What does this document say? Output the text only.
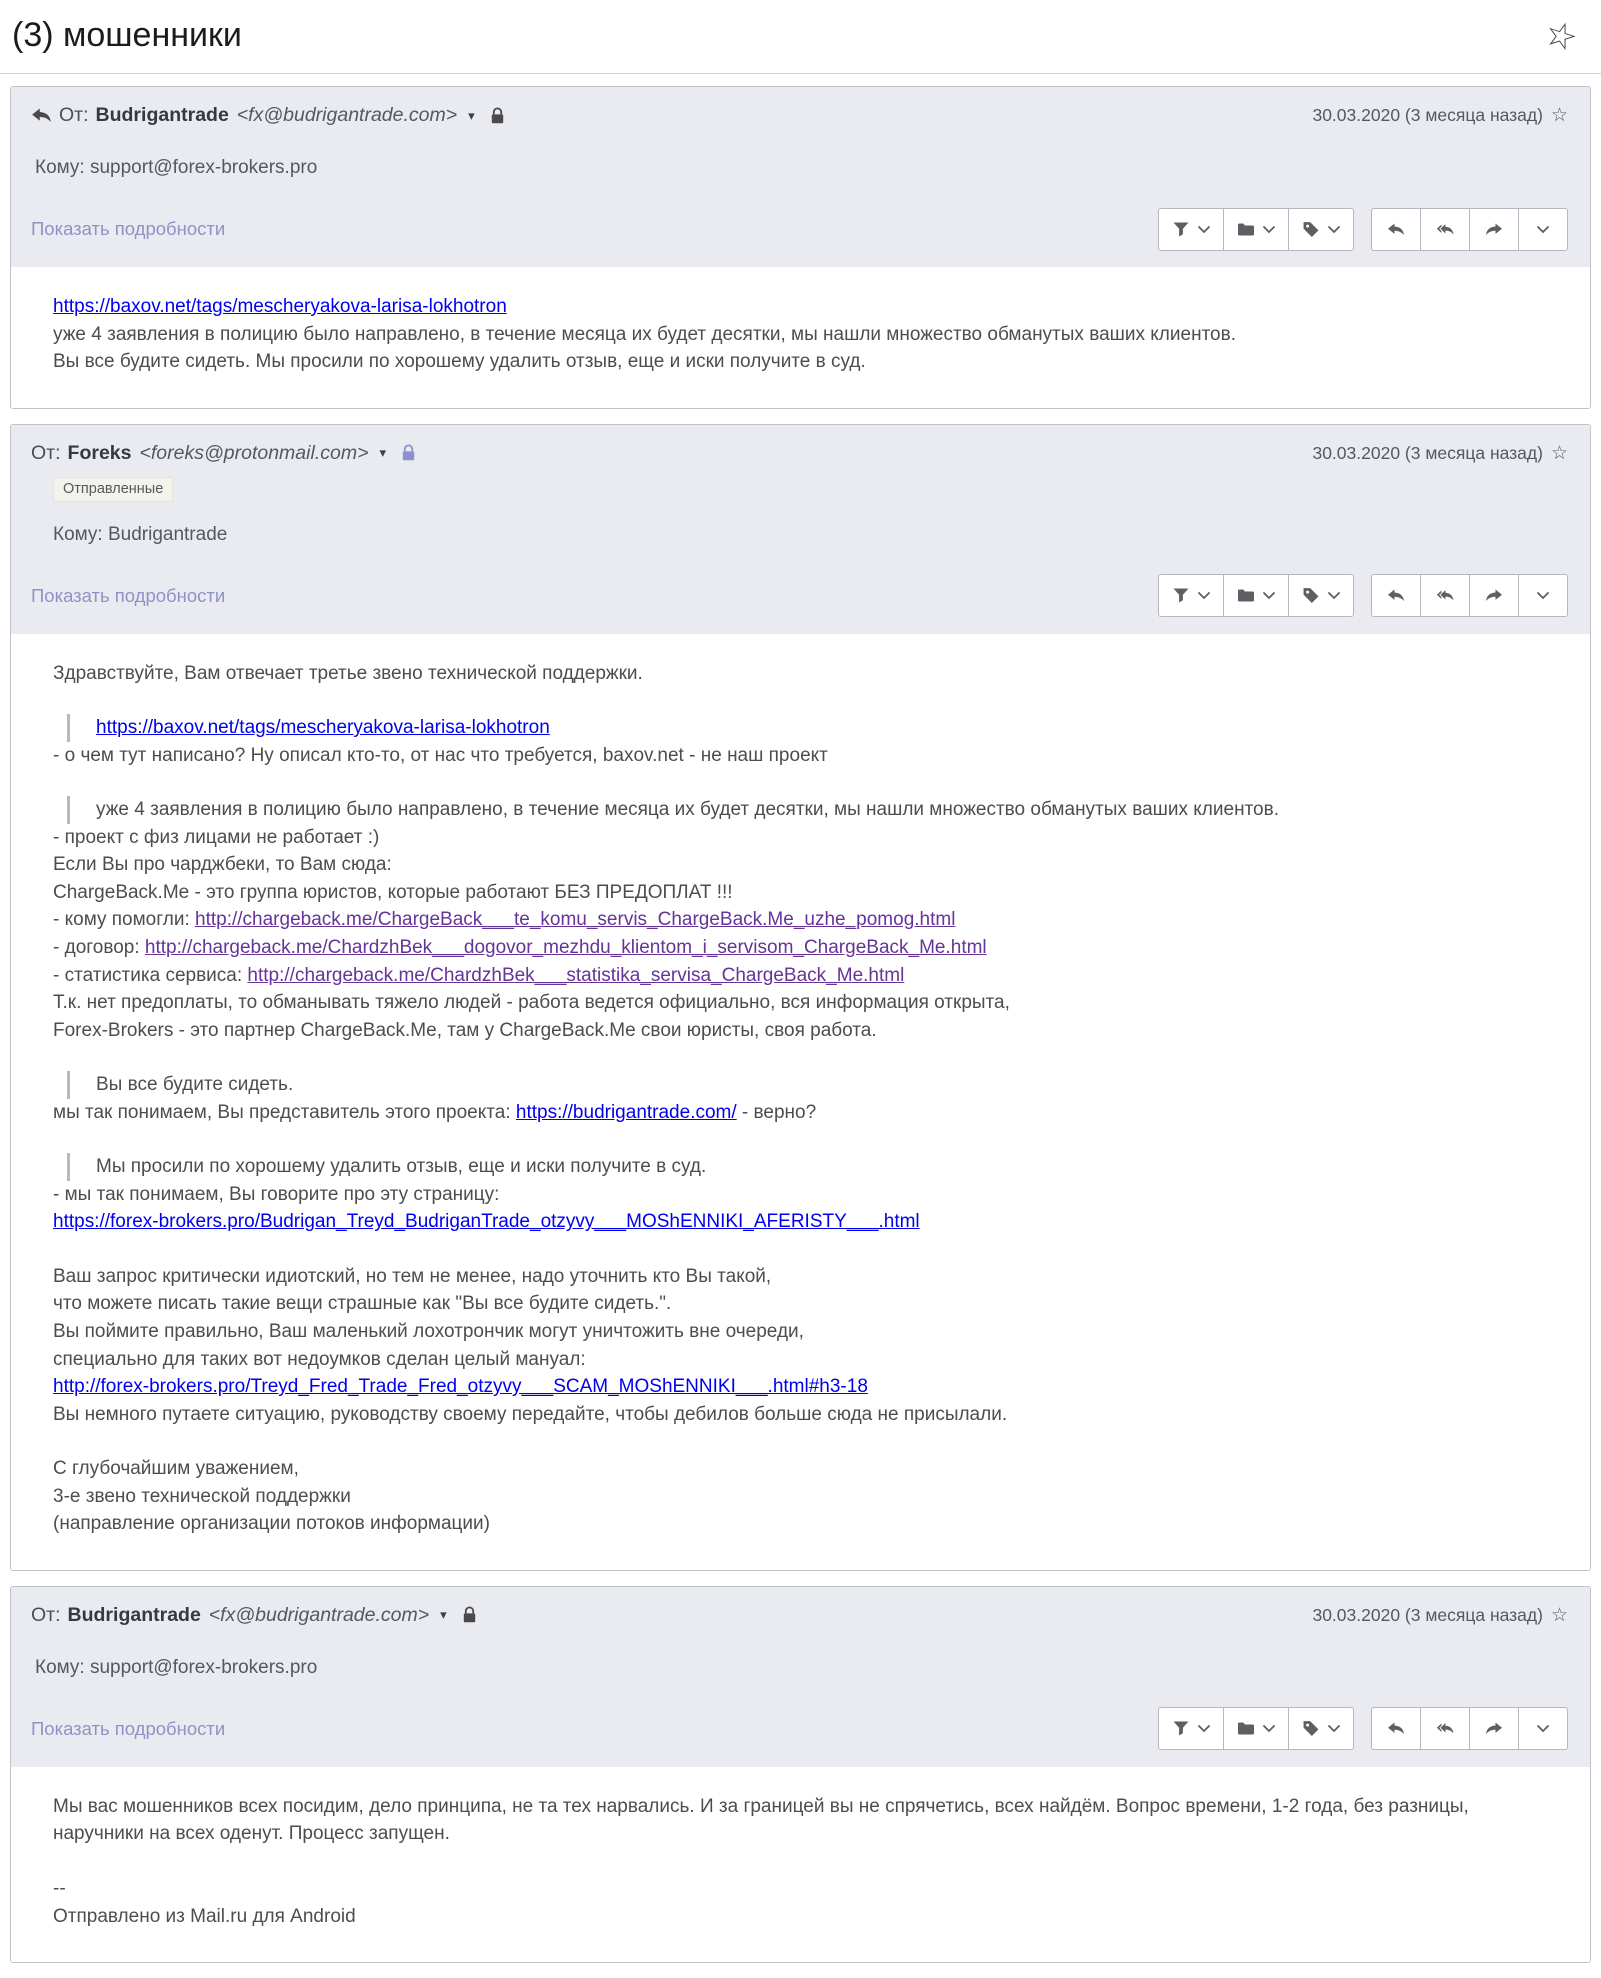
(3) мошенники	☆
От: Budrigantrade <fx@budrigantrade.com> ▾	30.03.2020 (3 месяца назад) ☆
Кому: support@forex-brokers.pro
Показать подробности
https://baxov.net/tags/mescheryakova-larisa-lokhotron
уже 4 заявления в полицию было направлено, в течение месяца их будет десятки, мы нашли множество обманутых ваших клиентов.
Вы все будите сидеть. Мы просили по хорошему удалить отзыв, еще и иски получите в суд.
От: Foreks <foreks@protonmail.com> ▾	30.03.2020 (3 месяца назад) ☆
Отправленные
Кому: Budrigantrade
Показать подробности
Здравствуйте, Вам отвечает третье звено технической поддержки.
https://baxov.net/tags/mescheryakova-larisa-lokhotron
- о чем тут написано? Ну описал кто-то, от нас что требуется, baxov.net - не наш проект
уже 4 заявления в полицию было направлено, в течение месяца их будет десятки, мы нашли множество обманутых ваших клиентов.
- проект с физ лицами не работает :)
Если Вы про чарджбеки, то Вам сюда:
ChargeBack.Me - это группа юристов, которые работают БЕЗ ПРЕДОПЛАТ !!!
- кому помогли: http://chargeback.me/ChargeBack___te_komu_servis_ChargeBack.Me_uzhe_pomog.html
- договор: http://chargeback.me/ChardzhBek___dogovor_mezhdu_klientom_i_servisom_ChargeBack_Me.html
- статистика сервиса: http://chargeback.me/ChardzhBek___statistika_servisa_ChargeBack_Me.html
Т.к. нет предоплаты, то обманывать тяжело людей - работа ведется официально, вся информация открыта,
Forex-Brokers - это партнер ChargeBack.Me, там у ChargeBack.Me свои юристы, своя работа.
Вы все будите сидеть.
мы так понимаем, Вы представитель этого проекта: https://budrigantrade.com/ - верно?
Мы просили по хорошему удалить отзыв, еще и иски получите в суд.
- мы так понимаем, Вы говорите про эту страницу:
https://forex-brokers.pro/Budrigan_Treyd_BudriganTrade_otzyvy___MOShENNIKI_AFERISTY___.html
Ваш запрос критически идиотский, но тем не менее, надо уточнить кто Вы такой,
что можете писать такие вещи страшные как "Вы все будите сидеть.".
Вы поймите правильно, Ваш маленький лохотрончик могут уничтожить вне очереди,
специально для таких вот недоумков сделан целый мануал:
http://forex-brokers.pro/Treyd_Fred_Trade_Fred_otzyvy___SCAM_MOShENNIKI___.html#h3-18
Вы немного путаете ситуацию, руководству своему передайте, чтобы дебилов больше сюда не присылали.
С глубочайшим уважением,
3-е звено технической поддержки
(направление организации потоков информации)
От: Budrigantrade <fx@budrigantrade.com> ▾	30.03.2020 (3 месяца назад) ☆
Кому: support@forex-brokers.pro
Показать подробности
Мы вас мошенников всех посидим, дело принципа, не та тех нарвались. И за границей вы не спрячетись, всех найдём. Вопрос времени, 1-2 года, без разницы, наручники на всех оденут. Процесс запущен.
--
Отправлено из Mail.ru для Android
